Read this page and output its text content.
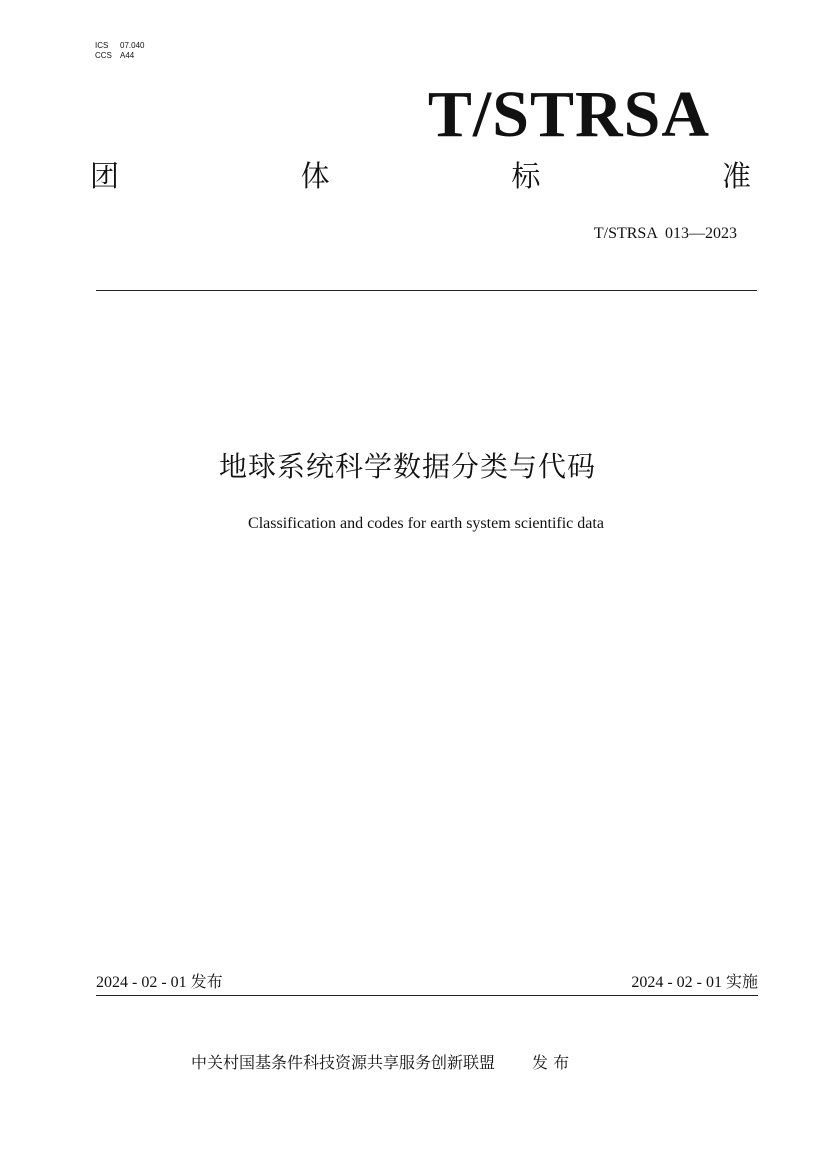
ICS	07.040
CCS A44
T/STRSA
团	体	标	准
T/STRSA  013—2023
地球系统科学数据分类与代码
Classification and codes for earth system scientific data
2024 - 02 - 01 发布	2024 - 02 - 01 实施
中关村国基条件科技资源共享服务创新联盟 发 布
